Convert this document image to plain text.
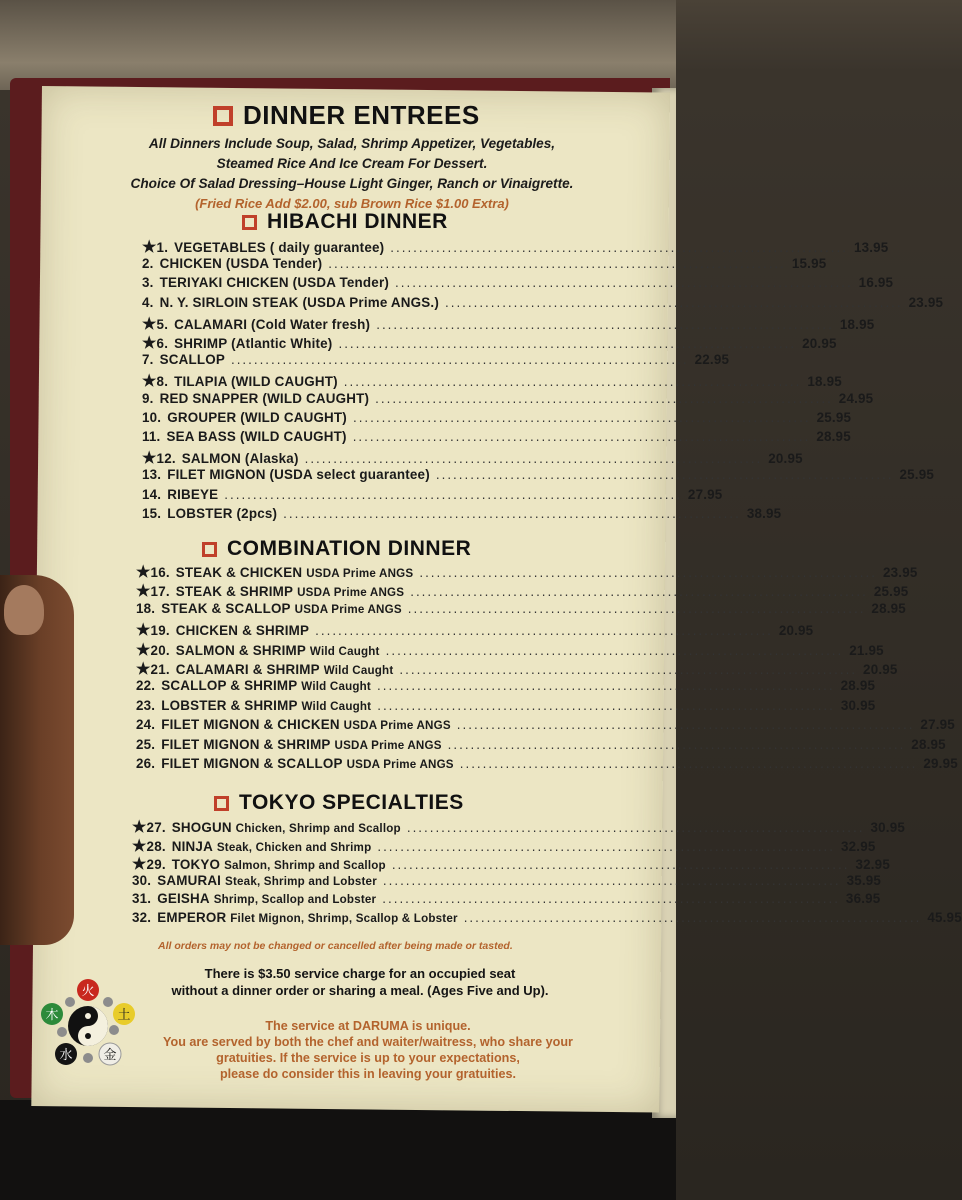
DINNER ENTREES
All Dinners Include Soup, Salad, Shrimp Appetizer, Vegetables,
Steamed Rice And Ice Cream For Dessert.
Choice Of Salad Dressing–House Light Ginger, Ranch or Vinaigrette.
(Fried Rice Add $2.00, sub Brown Rice $1.00 Extra)
HIBACHI DINNER
COMBINATION DINNER
TOKYO SPECIALTIES
★ 1. VEGETABLES ( daily guarantee) ................................................................................ 13.95
2. CHICKEN (USDA Tender) ................................................................................ 15.95
3. TERIYAKI CHICKEN (USDA Tender) ................................................................................ 16.95
4. N. Y. SIRLOIN STEAK (USDA Prime ANGS.) ................................................................................ 23.95
★ 5. CALAMARI (Cold Water fresh) ................................................................................ 18.95
★ 6. SHRIMP (Atlantic White) ................................................................................ 20.95
7. SCALLOP ................................................................................ 22.95
★ 8. TILAPIA (WILD CAUGHT) ................................................................................ 18.95
9. RED SNAPPER (WILD CAUGHT) ................................................................................ 24.95
10. GROUPER (WILD CAUGHT) ................................................................................ 25.95
11. SEA BASS (WILD CAUGHT) ................................................................................ 28.95
★ 12. SALMON (Alaska) ................................................................................ 20.95
13. FILET MIGNON (USDA select guarantee) ................................................................................ 25.95
14. RIBEYE ................................................................................ 27.95
15. LOBSTER (2pcs) ................................................................................ 38.95
★ 16. STEAK & CHICKEN
USDA Prime ANGS ................................................................................ 23.95
★ 17. STEAK & SHRIMP
USDA Prime ANGS ................................................................................ 25.95
18. STEAK & SCALLOP
USDA Prime ANGS ................................................................................ 28.95
★ 19. CHICKEN & SHRIMP ................................................................................ 20.95
★ 20. SALMON & SHRIMP
Wild Caught ................................................................................ 21.95
★ 21. CALAMARI & SHRIMP
Wild Caught ................................................................................ 20.95
22. SCALLOP & SHRIMP
Wild Caught ................................................................................ 28.95
23. LOBSTER & SHRIMP
Wild Caught ................................................................................ 30.95
24. FILET MIGNON & CHICKEN
USDA Prime ANGS ................................................................................ 27.95
25. FILET MIGNON & SHRIMP
USDA Prime ANGS ................................................................................ 28.95
26. FILET MIGNON & SCALLOP
USDA Prime ANGS ................................................................................ 29.95
★ 27. SHOGUN
Chicken, Shrimp and Scallop ................................................................................ 30.95
★ 28. NINJA
Steak, Chicken and Shrimp ................................................................................ 32.95
★ 29. TOKYO
Salmon, Shrimp and Scallop ................................................................................ 32.95
30. SAMURAI
Steak, Shrimp and Lobster ................................................................................ 35.95
31. GEISHA
Shrimp, Scallop and Lobster ................................................................................ 36.95
32. EMPEROR
Filet Mignon, Shrimp, Scallop & Lobster ................................................................................ 45.95
All orders may not be changed or cancelled after being made or tasted.
There is $3.50 service charge for an occupied seat
without a dinner order or sharing a meal. (Ages Five and Up).
The service at DARUMA is unique.
You are served by both the chef and waiter/waitress, who share your
gratuities. If the service is up to your expectations,
please do consider this in leaving your gratuities.
火
土
金
水
木
